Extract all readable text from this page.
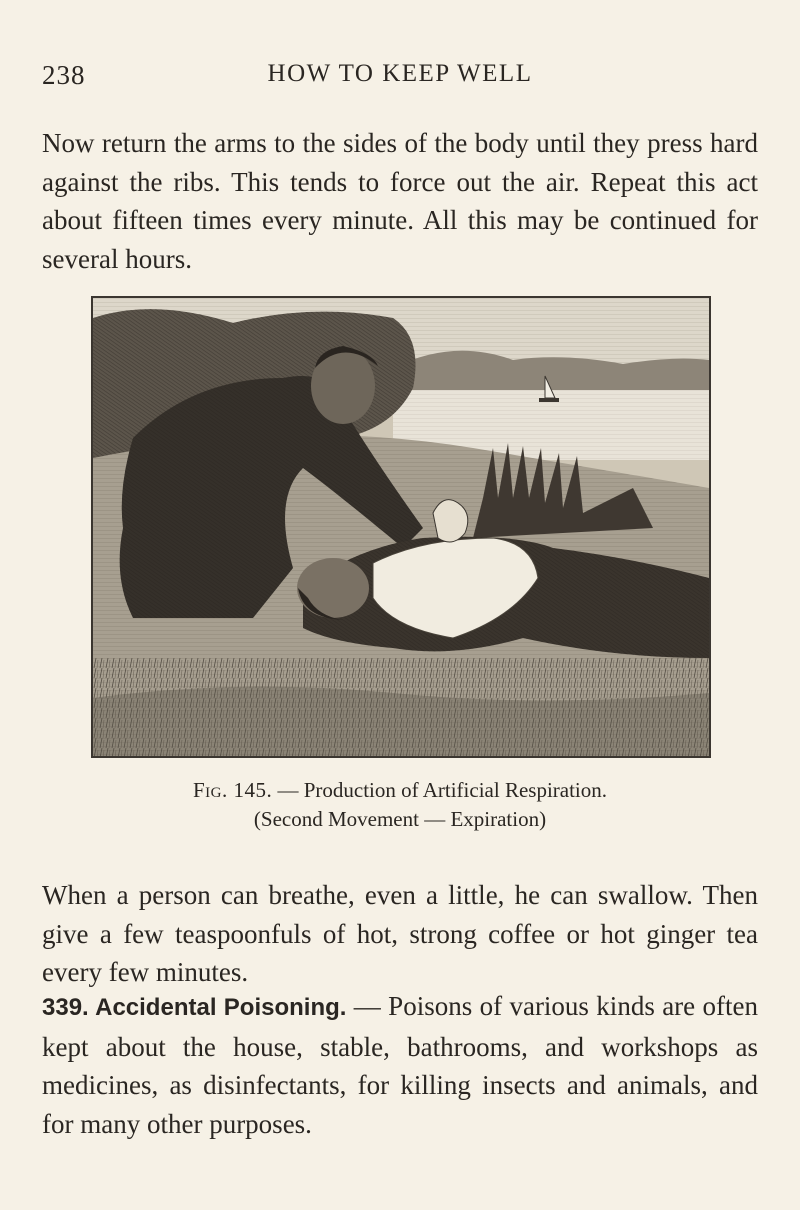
238	HOW TO KEEP WELL

Now return the arms to the sides of the body until they press hard against the ribs. This tends to force out the air. Repeat this act about fifteen times every minute. All this may be continued for several hours.

Fig. 145. — Production of Artificial Respiration.
(Second Movement — Expiration)

When a person can breathe, even a little, he can swallow. Then give a few teaspoonfuls of hot, strong coffee or hot ginger tea every few minutes.

339. Accidental Poisoning. — Poisons of various kinds are often kept about the house, stable, bathrooms, and workshops as medicines, as disinfectants, for killing insects and animals, and for many other purposes.
